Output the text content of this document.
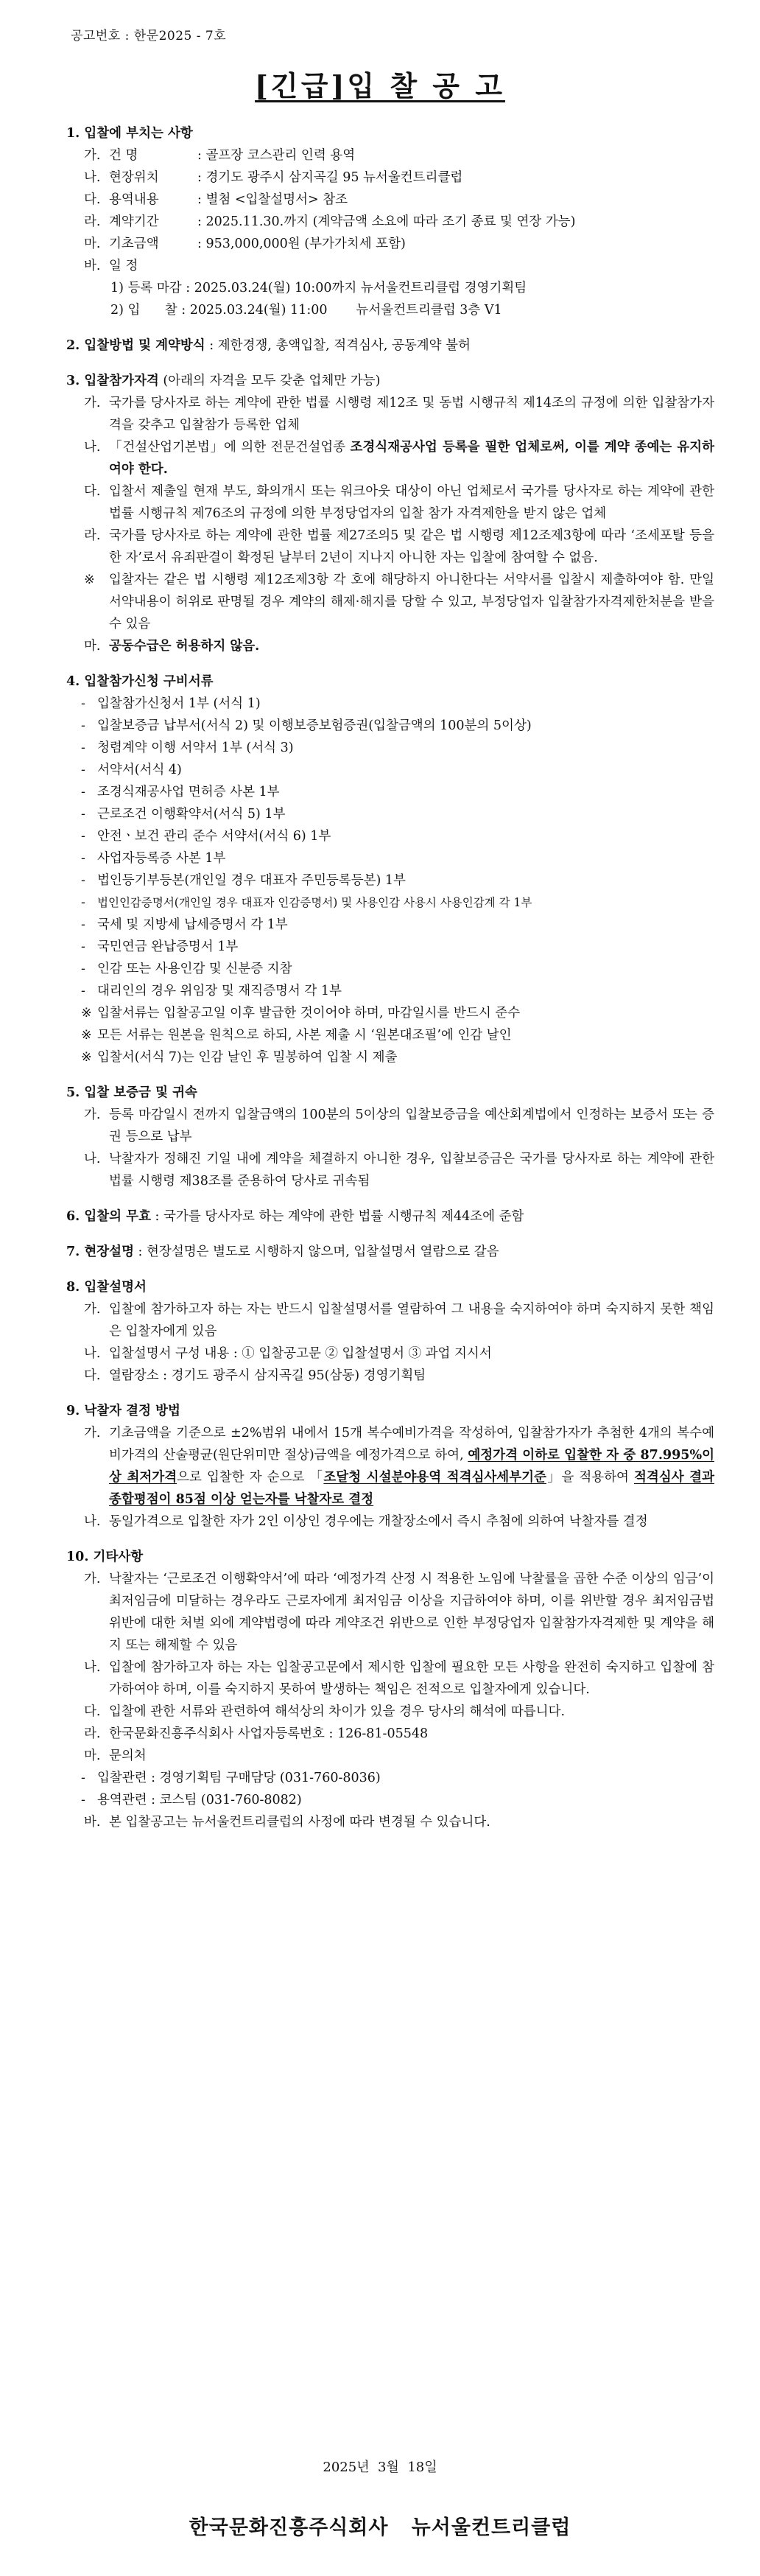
공고번호 : 한문2025 - 7호
[긴급]입 찰 공 고
1. 입찰에 부치는 사항
가. 건 명	: 골프장 코스관리 인력 용역
나. 현장위치	: 경기도 광주시 삼지곡길 95 뉴서울컨트리클럽
다. 용역내용	: 별첨 <입찰설명서> 참조
라. 계약기간	: 2025.11.30.까지 (계약금액 소요에 따라 조기 종료 및 연장 가능)
마. 기초금액	: 953,000,000원 (부가가치세 포함)
바. 일 정
1) 등록 마감 : 2025.03.24(월) 10:00까지 뉴서울컨트리클럽 경영기획팀
2) 입      찰 : 2025.03.24(월) 11:00       뉴서울컨트리클럽 3층 V1
2. 입찰방법 및 계약방식 : 제한경쟁, 총액입찰, 적격심사, 공동계약 불허
3. 입찰참가자격 (아래의 자격을 모두 갖춘 업체만 가능)
가. 국가를 당사자로 하는 계약에 관한 법률 시행령 제12조 및 동법 시행규칙 제14조의 규정에 의한 입찰참가자격을 갖추고 입찰참가 등록한 업체
나. 「건설산업기본법」에 의한 전문건설업종 조경식재공사업 등록을 필한 업체로써, 이를 계약 종예는 유지하여야 한다.
다. 입찰서 제출일 현재 부도, 화의개시 또는 워크아웃 대상이 아닌 업체로서 국가를 당사자로 하는 계약에 관한 법률 시행규칙 제76조의 규정에 의한 부정당업자의 입찰 참가 자격제한을 받지 않은 업체
라. 국가를 당사자로 하는 계약에 관한 법률 제27조의5 및 같은 법 시행령 제12조제3항에 따라 ‘조세포탈 등을 한 자’로서 유죄판결이 확정된 날부터 2년이 지나지 아니한 자는 입찰에 참여할 수 없음.
※	입찰자는 같은 법 시행령 제12조제3항 각 호에 해당하지 아니한다는 서약서를 입찰시 제출하여야 함. 만일 서약내용이 허위로 판명될 경우 계약의 해제·해지를 당할 수 있고, 부정당업자 입찰참가자격제한처분을 받을 수 있음
마. 공동수급은 허용하지 않음.
4. 입찰참가신청 구비서류
- 입찰참가신청서 1부 (서식 1)
- 입찰보증금 납부서(서식 2) 및 이행보증보험증권(입찰금액의 100분의 5이상)
- 청렴계약 이행 서약서 1부 (서식 3)
- 서약서(서식 4)
- 조경식재공사업 면허증 사본 1부
- 근로조건 이행확약서(서식 5) 1부
- 안전ㆍ보건 관리 준수 서약서(서식 6) 1부
- 사업자등록증 사본 1부
- 법인등기부등본(개인일 경우 대표자 주민등록등본) 1부
-	법인인감증명서(개인일 경우 대표자 인감증명서) 및 사용인감 사용시 사용인감계 각 1부
- 국세 및 지방세 납세증명서 각 1부
- 국민연금 완납증명서 1부
- 인감 또는 사용인감 및 신분증 지참
- 대리인의 경우 위임장 및 재직증명서 각 1부
※ 입찰서류는 입찰공고일 이후 발급한 것이어야 하며, 마감일시를 반드시 준수
※ 모든 서류는 원본을 원칙으로 하되, 사본 제출 시 ‘원본대조필’에 인감 날인
※ 입찰서(서식 7)는 인감 날인 후 밀봉하여 입찰 시 제출
5. 입찰 보증금 및 귀속
가. 등록 마감일시 전까지 입찰금액의 100분의 5이상의 입찰보증금을 예산회계법에서 인정하는 보증서 또는 증권 등으로 납부
나. 낙찰자가 정해진 기일 내에 계약을 체결하지 아니한 경우, 입찰보증금은 국가를 당사자로 하는 계약에 관한 법률 시행령 제38조를 준용하여 당사로 귀속됨
6. 입찰의 무효 : 국가를 당사자로 하는 계약에 관한 법률 시행규칙 제44조에 준함
7. 현장설명 : 현장설명은 별도로 시행하지 않으며, 입찰설명서 열람으로 갈음
8. 입찰설명서
가. 입찰에 참가하고자 하는 자는 반드시 입찰설명서를 열람하여 그 내용을 숙지하여야 하며 숙지하지 못한 책임은 입찰자에게 있음
나. 입찰설명서 구성 내용 : ① 입찰공고문 ② 입찰설명서 ③ 과업 지시서
다. 열람장소 : 경기도 광주시 삼지곡길 95(삼동) 경영기획팀
9. 낙찰자 결정 방법
가. 기초금액을 기준으로 ±2%범위 내에서 15개 복수예비가격을 작성하여, 입찰참가자가 추첨한 4개의 복수예비가격의 산술평균(원단위미만 절상)금액을 예정가격으로 하여, 예정가격 이하로 입찰한 자 중 87.995%이상 최저가격으로 입찰한 자 순으로 「조달청 시설분야용역 적격심사세부기준」을 적용하여 적격심사 결과 종합평점이 85점 이상 얻는자를 낙찰자로 결정
나. 동일가격으로 입찰한 자가 2인 이상인 경우에는 개찰장소에서 즉시 추첨에 의하여 낙찰자를 결정
10. 기타사항
가. 낙찰자는 ‘근로조건 이행확약서’에 따라 ‘예정가격 산정 시 적용한 노임에 낙찰률을 곱한 수준 이상의 임금’이 최저임금에 미달하는 경우라도 근로자에게 최저임금 이상을 지급하여야 하며, 이를 위반할 경우 최저임금법 위반에 대한 처벌 외에 계약법령에 따라 계약조건 위반으로 인한 부정당업자 입찰참가자격제한 및 계약을 해지 또는 해제할 수 있음
나. 입찰에 참가하고자 하는 자는 입찰공고문에서 제시한 입찰에 필요한 모든 사항을 완전히 숙지하고 입찰에 참가하여야 하며, 이를 숙지하지 못하여 발생하는 책임은 전적으로 입찰자에게 있습니다.
다. 입찰에 관한 서류와 관련하여 해석상의 차이가 있을 경우 당사의 해석에 따릅니다.
라. 한국문화진흥주식회사 사업자등록번호 : 126-81-05548
마. 문의처
- 입찰관련 : 경영기획팀 구매담당 (031-760-8036)
- 용역관련 : 코스팀 (031-760-8082)
바. 본 입찰공고는 뉴서울컨트리클럽의 사정에 따라 변경될 수 있습니다.
2025년  3월  18일
한국문화진흥주식회사   뉴서울컨트리클럽
